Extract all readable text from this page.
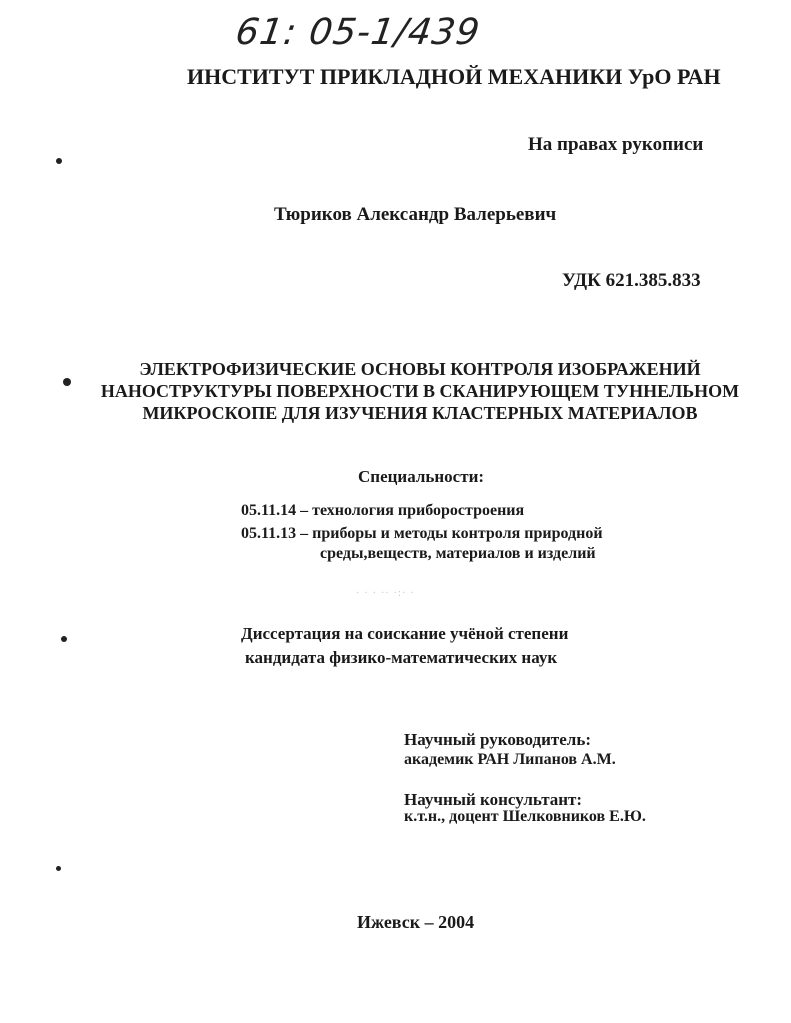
61: 05-1/439
ИНСТИТУТ ПРИКЛАДНОЙ МЕХАНИКИ УрО РАН
На правах рукописи
Тюриков Александр Валерьевич
УДК 621.385.833
ЭЛЕКТРОФИЗИЧЕСКИЕ ОСНОВЫ КОНТРОЛЯ ИЗОБРАЖЕНИЙ
НАНОСТРУКТУРЫ ПОВЕРХНОСТИ В СКАНИРУЮЩЕМ ТУННЕЛЬНОМ
МИКРОСКОПЕ ДЛЯ ИЗУЧЕНИЯ КЛАСТЕРНЫХ МАТЕРИАЛОВ
Специальности:
05.11.14 – технология приборостроения
05.11.13 – приборы и методы контроля природной
среды,веществ, материалов и изделий
· · · ·· ·:· ·
Диссертация на соискание учёной степени
кандидата физико-математических наук
Научный руководитель:
академик РАН Липанов А.М.
Научный консультант:
к.т.н., доцент Шелковников Е.Ю.
Ижевск – 2004
